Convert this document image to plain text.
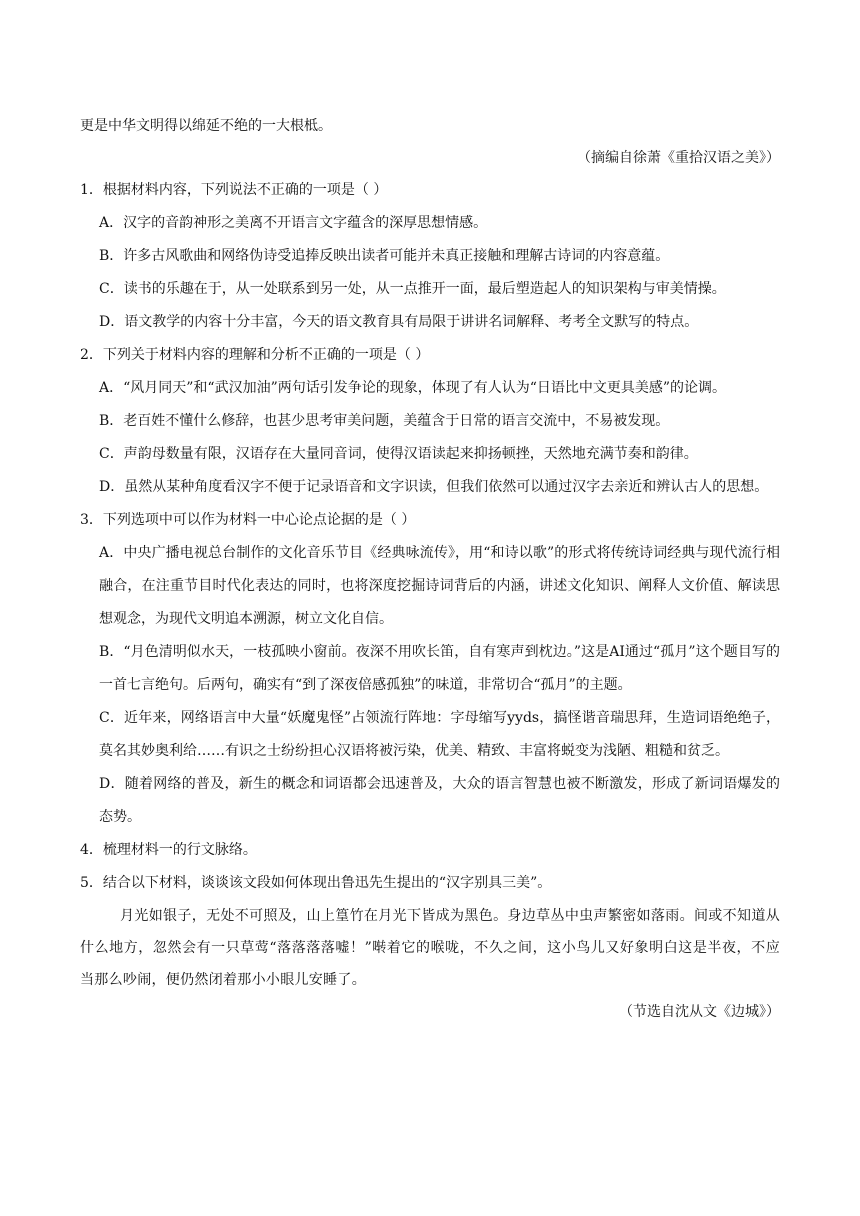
更是中华文明得以绵延不绝的一大根柢。

（摘编自徐萧《重拾汉语之美》）

1．根据材料内容，下列说法不正确的一项是（ ）

A．汉字的音韵神形之美离不开语言文字蕴含的深厚思想情感。

B．许多古风歌曲和网络伪诗受追捧反映出读者可能并未真正接触和理解古诗词的内容意蕴。

C．读书的乐趣在于，从一处联系到另一处，从一点推开一面，最后塑造起人的知识架构与审美情操。

D．语文教学的内容十分丰富，今天的语文教育具有局限于讲讲名词解释、考考全文默写的特点。

2．下列关于材料内容的理解和分析不正确的一项是（ ）

A．“风月同天”和“武汉加油”两句话引发争论的现象，体现了有人认为“日语比中文更具美感”的论调。

B．老百姓不懂什么修辞，也甚少思考审美问题，美蕴含于日常的语言交流中，不易被发现。

C．声韵母数量有限，汉语存在大量同音词，使得汉语读起来抑扬顿挫，天然地充满节奏和韵律。

D．虽然从某种角度看汉字不便于记录语音和文字识读，但我们依然可以通过汉字去亲近和辨认古人的思想。

3．下列选项中可以作为材料一中心论点论据的是（ ）

A．中央广播电视总台制作的文化音乐节目《经典咏流传》，用“和诗以歌”的形式将传统诗词经典与现代流行相融合，在注重节目时代化表达的同时，也将深度挖掘诗词背后的内涵，讲述文化知识、阐释人文价值、解读思想观念，为现代文明追本溯源，树立文化自信。

B．“月色清明似水天，一枝孤映小窗前。夜深不用吹长笛，自有寒声到枕边。”这是AI通过“孤月”这个题目写的一首七言绝句。后两句，确实有“到了深夜倍感孤独”的味道，非常切合“孤月”的主题。

C．近年来，网络语言中大量“妖魔鬼怪”占领流行阵地：字母缩写yyds，搞怪谐音瑞思拜，生造词语绝绝子，莫名其妙奥利给……有识之士纷纷担心汉语将被污染，优美、精致、丰富将蜕变为浅陋、粗糙和贫乏。

D．随着网络的普及，新生的概念和词语都会迅速普及，大众的语言智慧也被不断激发，形成了新词语爆发的态势。

4．梳理材料一的行文脉络。

5．结合以下材料，谈谈该文段如何体现出鲁迅先生提出的“汉字别具三美”。

月光如银子，无处不可照及，山上篁竹在月光下皆成为黑色。身边草丛中虫声繁密如落雨。间或不知道从什么地方，忽然会有一只草莺“落落落落嘘！”啭着它的喉咙，不久之间，这小鸟儿又好象明白这是半夜，不应当那么吵闹，便仍然闭着那小小眼儿安睡了。

（节选自沈从文《边城》）
